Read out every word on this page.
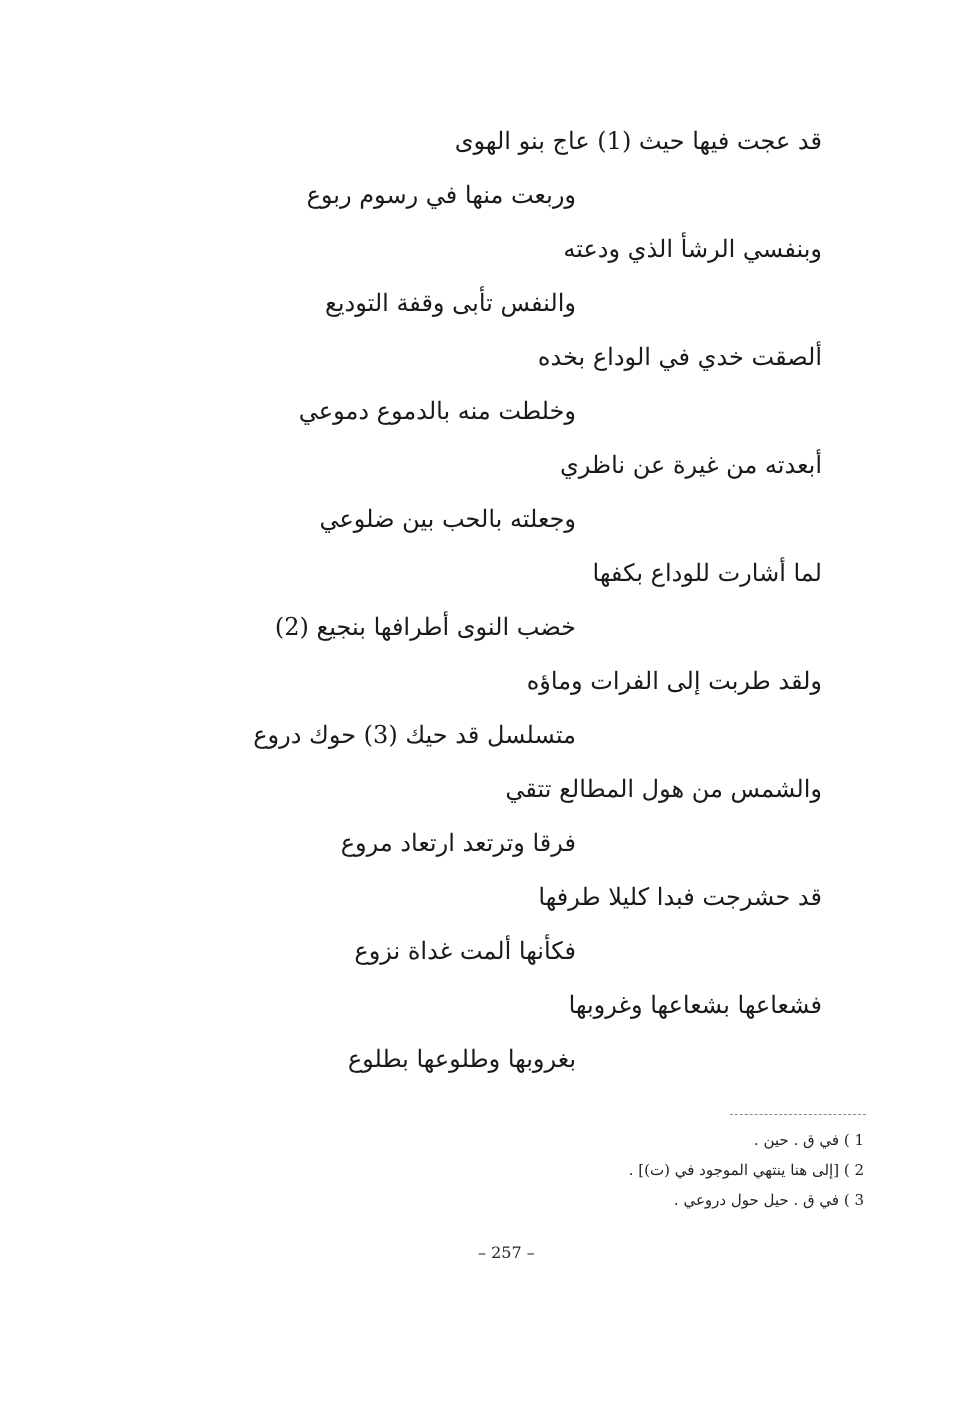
قد عجت فيها حيث (1) عاج بنو الهوى

وربعت منها في رسوم ربوع

وبنفسي الرشأ الذي ودعته

والنفس تأبى وقفة التوديع

ألصقت خدي في الوداع بخده

وخلطت منه بالدموع دموعي

أبعدته من غيرة عن ناظري

وجعلته بالحب بين ضلوعي

لما أشارت للوداع بكفها

خضب النوى أطرافها بنجيع (2)

ولقد طربت إلى الفرات وماؤه

متسلسل قد حيك (3) حوك دروع

والشمس من هول المطالع تتقي

فرقا وترتعد ارتعاد مروع

قد حشرجت فبدا كليلا طرفها

فكأنها ألمت غداة نزوع

فشعاعها بشعاعها وغروبها

بغروبها وطلوعها بطلوع

1 ) في ق . حين .
2 ) [إلى هنا ينتهي الموجود في (ت)] .
3 ) في ق . حيل حول دروعي .
– 257 –
